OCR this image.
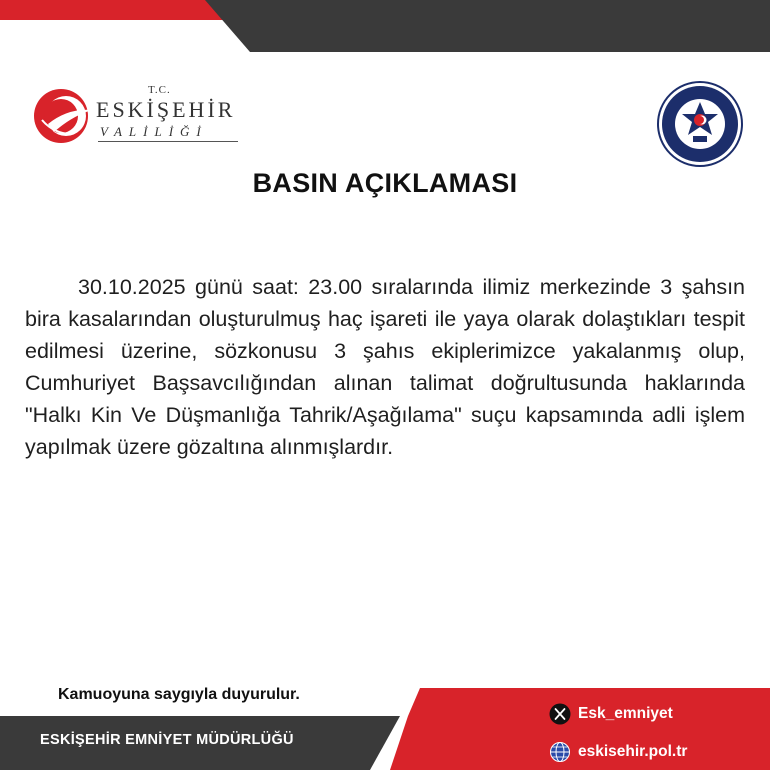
T.C.
ESKİŞEHİR
VALİLİĞİ
BASIN AÇIKLAMASI

30.10.2025 günü saat: 23.00 sıralarında ilimiz merkezinde 3 şahsın bira kasalarından oluşturulmuş haç işareti ile yaya olarak dolaştıkları tespit edilmesi üzerine, sözkonusu 3 şahıs ekiplerimizce yakalanmış olup, Cumhuriyet Başsavcılığından alınan talimat doğrultusunda haklarında "Halkı Kin Ve Düşmanlığa Tahrik/Aşağılama" suçu kapsamında adli işlem yapılmak üzere gözaltına alınmışlardır.

Kamuoyuna saygıyla duyurulur.
ESKİŞEHİR EMNİYET MÜDÜRLÜĞÜ
Esk_emniyet
eskisehir.pol.tr
